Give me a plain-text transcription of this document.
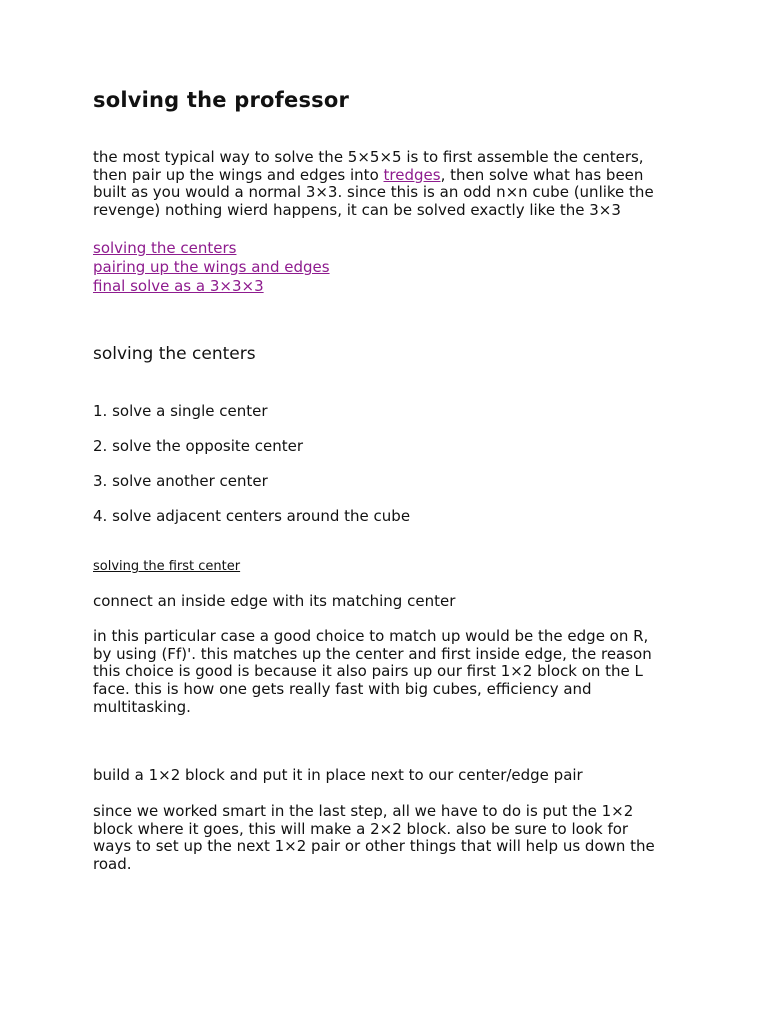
solving the professor
the most typical way to solve the 5×5×5 is to first assemble the centers,
then pair up the wings and edges into tredges, then solve what has been
built as you would a normal 3×3. since this is an odd n×n cube (unlike the
revenge) nothing wierd happens, it can be solved exactly like the 3×3
solving the centers
pairing up the wings and edges
final solve as a 3×3×3
solving the centers

1. solve a single center

2. solve the opposite center

3. solve another center

4. solve adjacent centers around the cube

solving the first center

connect an inside edge with its matching center

in this particular case a good choice to match up would be the edge on R,
by using (Ff)'. this matches up the center and first inside edge, the reason
this choice is good is because it also pairs up our first 1×2 block on the L
face. this is how one gets really fast with big cubes, efficiency and
multitasking.

build a 1×2 block and put it in place next to our center/edge pair

since we worked smart in the last step, all we have to do is put the 1×2
block where it goes, this will make a 2×2 block. also be sure to look for
ways to set up the next 1×2 pair or other things that will help us down the
road.
